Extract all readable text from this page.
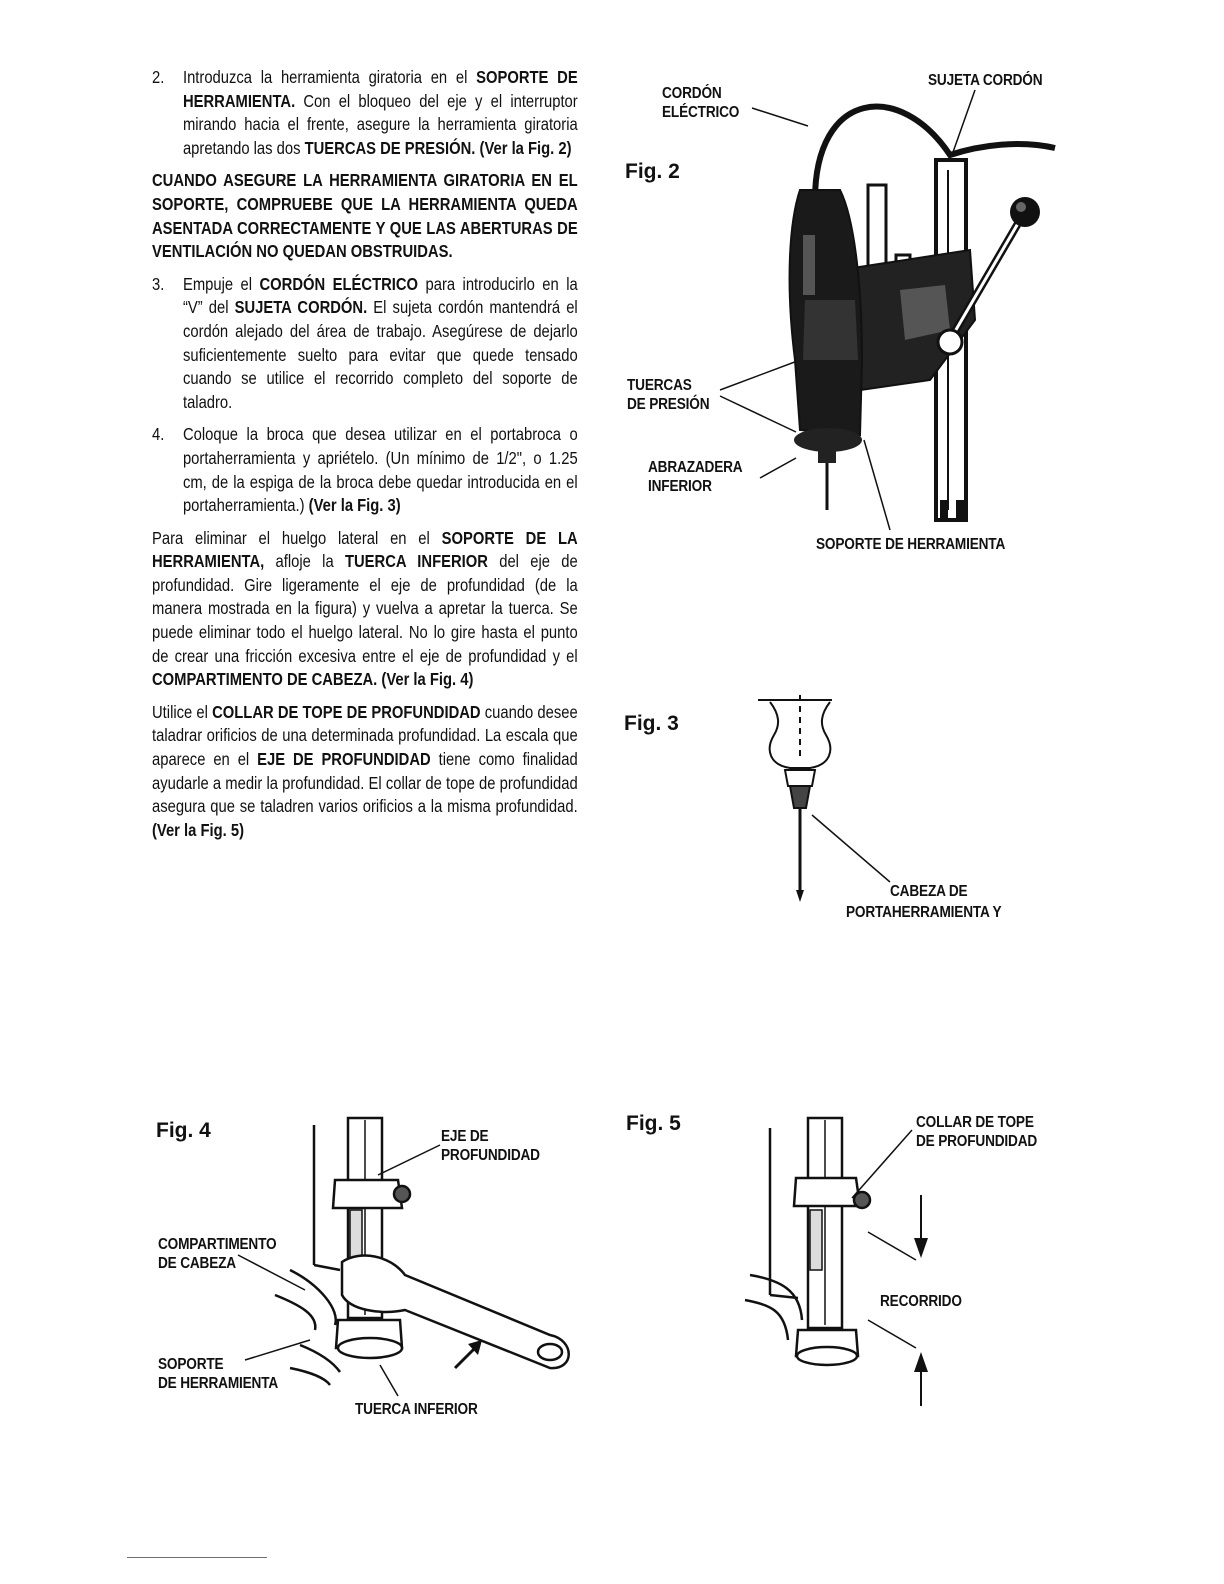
2.	Introduzca la herramienta giratoria en el SOPORTE DE HERRAMIENTA. Con el bloqueo del eje y el interruptor mirando hacia el frente, asegure la herramienta giratoria apretando las dos TUERCAS DE PRESIÓN. (Ver la Fig. 2)
CUANDO ASEGURE LA HERRAMIENTA GIRATORIA EN EL SOPORTE, COMPRUEBE QUE LA HERRAMIENTA QUEDA ASENTADA CORRECTAMENTE Y QUE LAS ABERTURAS DE VENTILACIÓN NO QUEDAN OBSTRUIDAS.
3.	Empuje el CORDÓN ELÉCTRICO para introducirlo en la “V” del SUJETA CORDÓN. El sujeta cordón mantendrá el cordón alejado del área de trabajo. Asegúrese de dejarlo suficientemente suelto para evitar que quede tensado cuando se utilice el recorrido completo del soporte de taladro.
4.	Coloque la broca que desea utilizar en el portabroca o portaherramienta y apriételo. (Un mínimo de 1/2", o 1.25 cm, de la espiga de la broca debe quedar introducida en el portaherramienta.) (Ver la Fig. 3)
Para eliminar el huelgo lateral en el SOPORTE DE LA HERRAMIENTA, afloje la TUERCA INFERIOR del eje de profundidad. Gire ligeramente el eje de profundidad (de la manera mostrada en la figura) y vuelva a apretar la tuerca. Se puede eliminar todo el huelgo lateral. No lo gire hasta el punto de crear una fricción excesiva entre el eje de profundidad y el COMPARTIMENTO DE CABEZA. (Ver la Fig. 4)
Utilice el COLLAR DE TOPE DE PROFUNDIDAD cuando desee taladrar orificios de una determinada profundidad. La escala que aparece en el EJE DE PROFUNDIDAD tiene como finalidad ayudarle a medir la profundidad. El collar de tope de profundidad asegura que se taladren varios orificios a la misma profundidad. (Ver la Fig. 5)
Fig. 2
CORDÓN
ELÉCTRICO
SUJETA CORDÓN
TUERCAS
DE PRESIÓN
ABRAZADERA
INFERIOR
SOPORTE DE HERRAMIENTA
Fig. 3
CABEZA DE
PORTAHERRAMIENTA Y
Fig. 4	EJE DE
PROFUNDIDAD
COMPARTIMENTO
DE CABEZA
SOPORTE
DE HERRAMIENTA
TUERCA INFERIOR
Fig. 5	COLLAR DE TOPE
DE PROFUNDIDAD
RECORRIDO
